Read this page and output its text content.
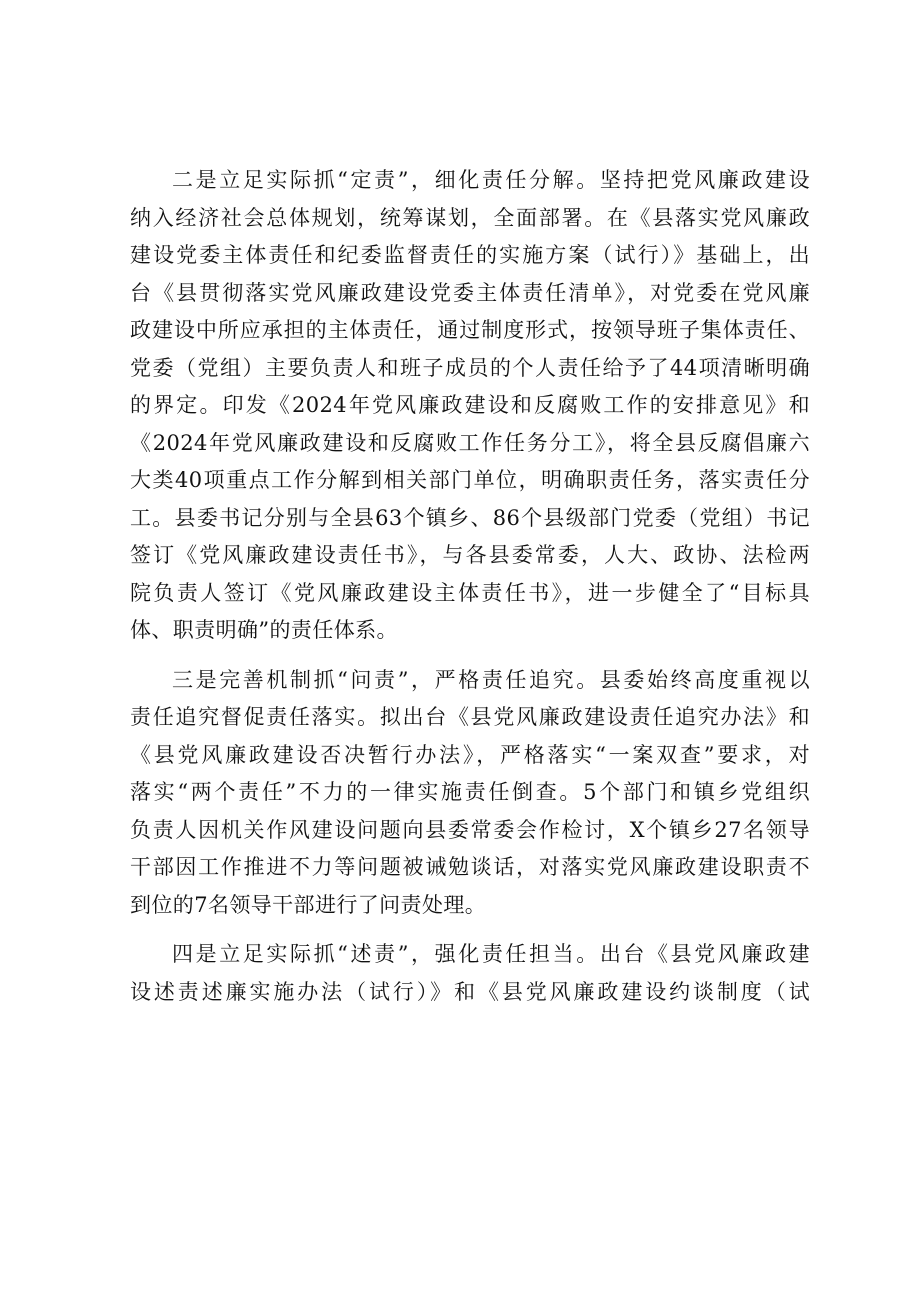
二是立足实际抓“定责”，细化责任分解。坚持把党风廉政建设
纳入经济社会总体规划，统筹谋划，全面部署。在《县落实党风廉政
建设党委主体责任和纪委监督责任的实施方案（试行）》基础上，出
台《县贯彻落实党风廉政建设党委主体责任清单》，对党委在党风廉
政建设中所应承担的主体责任，通过制度形式，按领导班子集体责任、
党委（党组）主要负责人和班子成员的个人责任给予了44项清晰明确
的界定。印发《2024年党风廉政建设和反腐败工作的安排意见》和
《2024年党风廉政建设和反腐败工作任务分工》，将全县反腐倡廉六
大类40项重点工作分解到相关部门单位，明确职责任务，落实责任分
工。县委书记分别与全县63个镇乡、86个县级部门党委（党组）书记
签订《党风廉政建设责任书》，与各县委常委，人大、政协、法检两
院负责人签订《党风廉政建设主体责任书》，进一步健全了“目标具
体、职责明确”的责任体系。
三是完善机制抓“问责”，严格责任追究。县委始终高度重视以
责任追究督促责任落实。拟出台《县党风廉政建设责任追究办法》和
《县党风廉政建设否决暂行办法》，严格落实“一案双查”要求，对
落实“两个责任”不力的一律实施责任倒查。5个部门和镇乡党组织
负责人因机关作风建设问题向县委常委会作检讨，X个镇乡27名领导
干部因工作推进不力等问题被诫勉谈话，对落实党风廉政建设职责不
到位的7名领导干部进行了问责处理。
四是立足实际抓“述责”，强化责任担当。出台《县党风廉政建
设述责述廉实施办法（试行）》和《县党风廉政建设约谈制度（试
